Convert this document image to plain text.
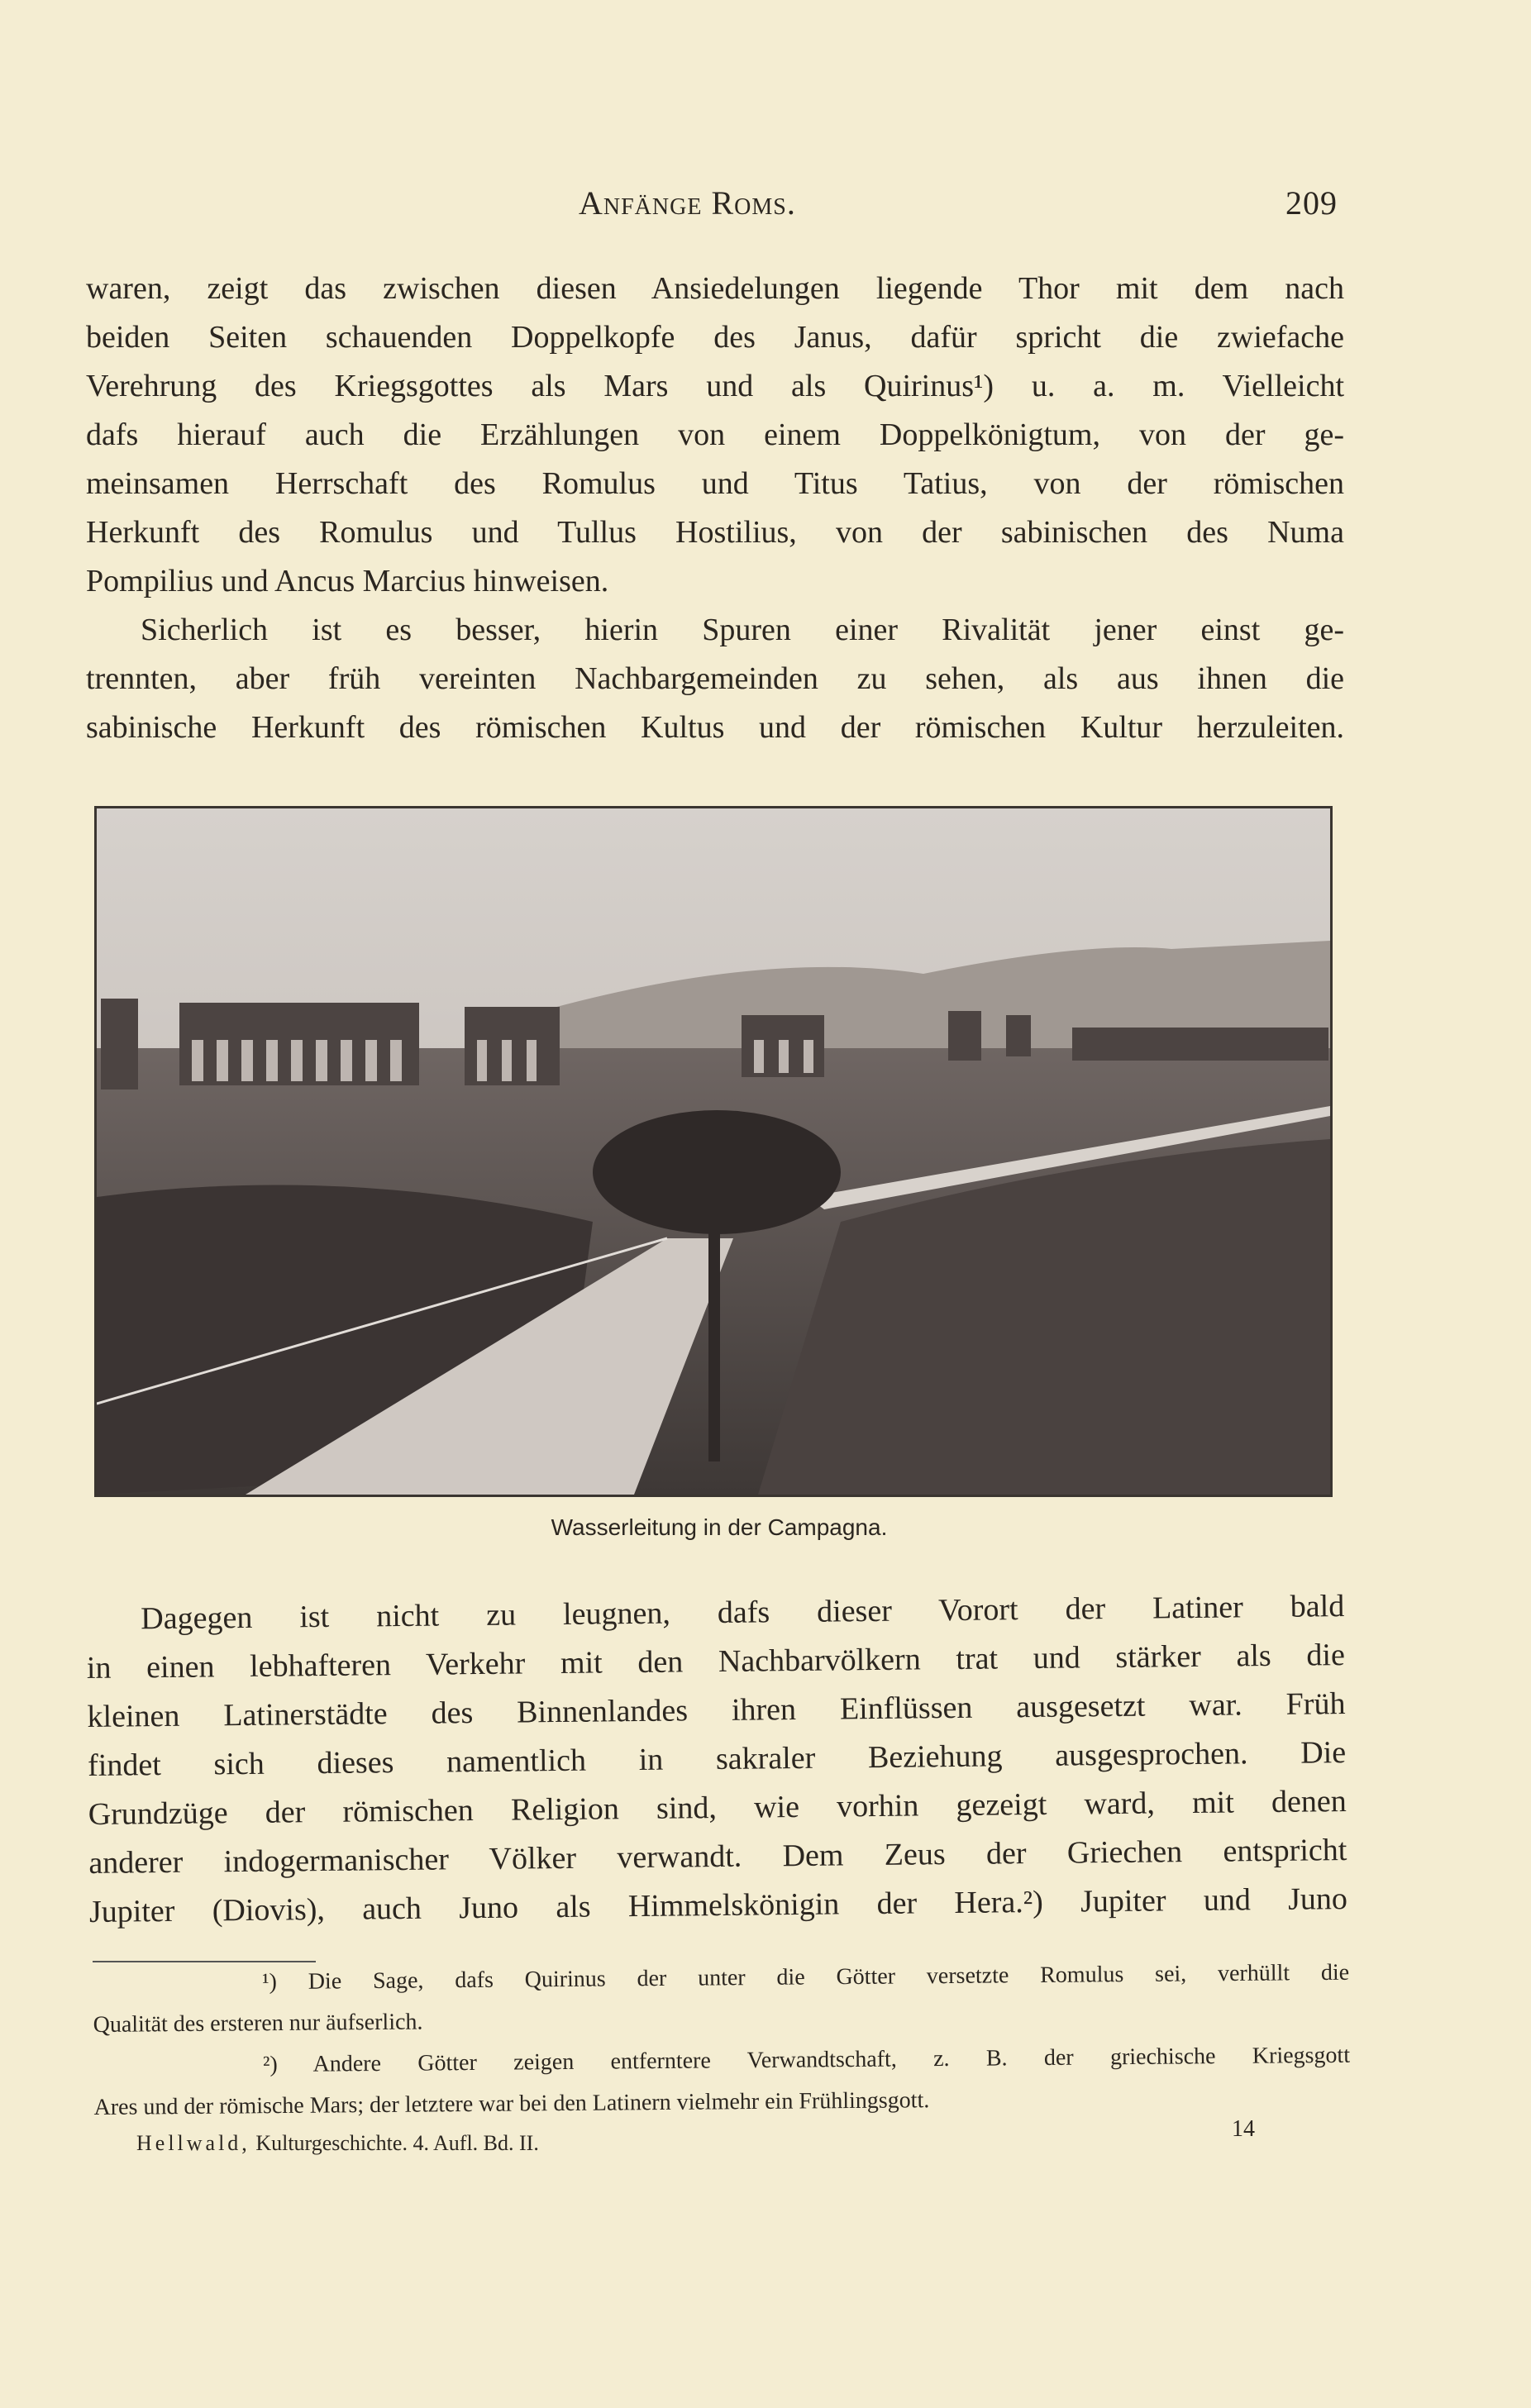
Anfänge Roms.	209
waren, zeigt das zwischen diesen Ansiedelungen liegende Thor mit dem nach
beiden Seiten schauenden Doppelkopfe des Janus, dafür spricht die zwiefache
Verehrung des Kriegsgottes als Mars und als Quirinus¹) u. a. m. Vielleicht
dafs hierauf auch die Erzählungen von einem Doppelkönigtum, von der ge-
meinsamen Herrschaft des Romulus und Titus Tatius, von der römischen
Herkunft des Romulus und Tullus Hostilius, von der sabinischen des Numa
Pompilius und Ancus Marcius hinweisen.
Sicherlich ist es besser, hierin Spuren einer Rivalität jener einst ge-
trennten, aber früh vereinten Nachbargemeinden zu sehen, als aus ihnen die
sabinische Herkunft des römischen Kultus und der römischen Kultur herzuleiten.
Wasserleitung in der Campagna.
Dagegen ist nicht zu leugnen, dafs dieser Vorort der Latiner bald
in einen lebhafteren Verkehr mit den Nachbarvölkern trat und stärker als die
kleinen Latinerstädte des Binnenlandes ihren Einflüssen ausgesetzt war. Früh
findet sich dieses namentlich in sakraler Beziehung ausgesprochen. Die
Grundzüge der römischen Religion sind, wie vorhin gezeigt ward, mit denen
anderer indogermanischer Völker verwandt. Dem Zeus der Griechen entspricht
Jupiter (Diovis), auch Juno als Himmelskönigin der Hera.²) Jupiter und Juno
¹) Die Sage, dafs Quirinus der unter die Götter versetzte Romulus sei, verhüllt die
Qualität des ersteren nur äufserlich.
²) Andere Götter zeigen entferntere Verwandtschaft, z. B. der griechische Kriegsgott
Ares und der römische Mars; der letztere war bei den Latinern vielmehr ein Frühlingsgott.
Hellwald, Kulturgeschichte. 4. Aufl. Bd. II.
14
